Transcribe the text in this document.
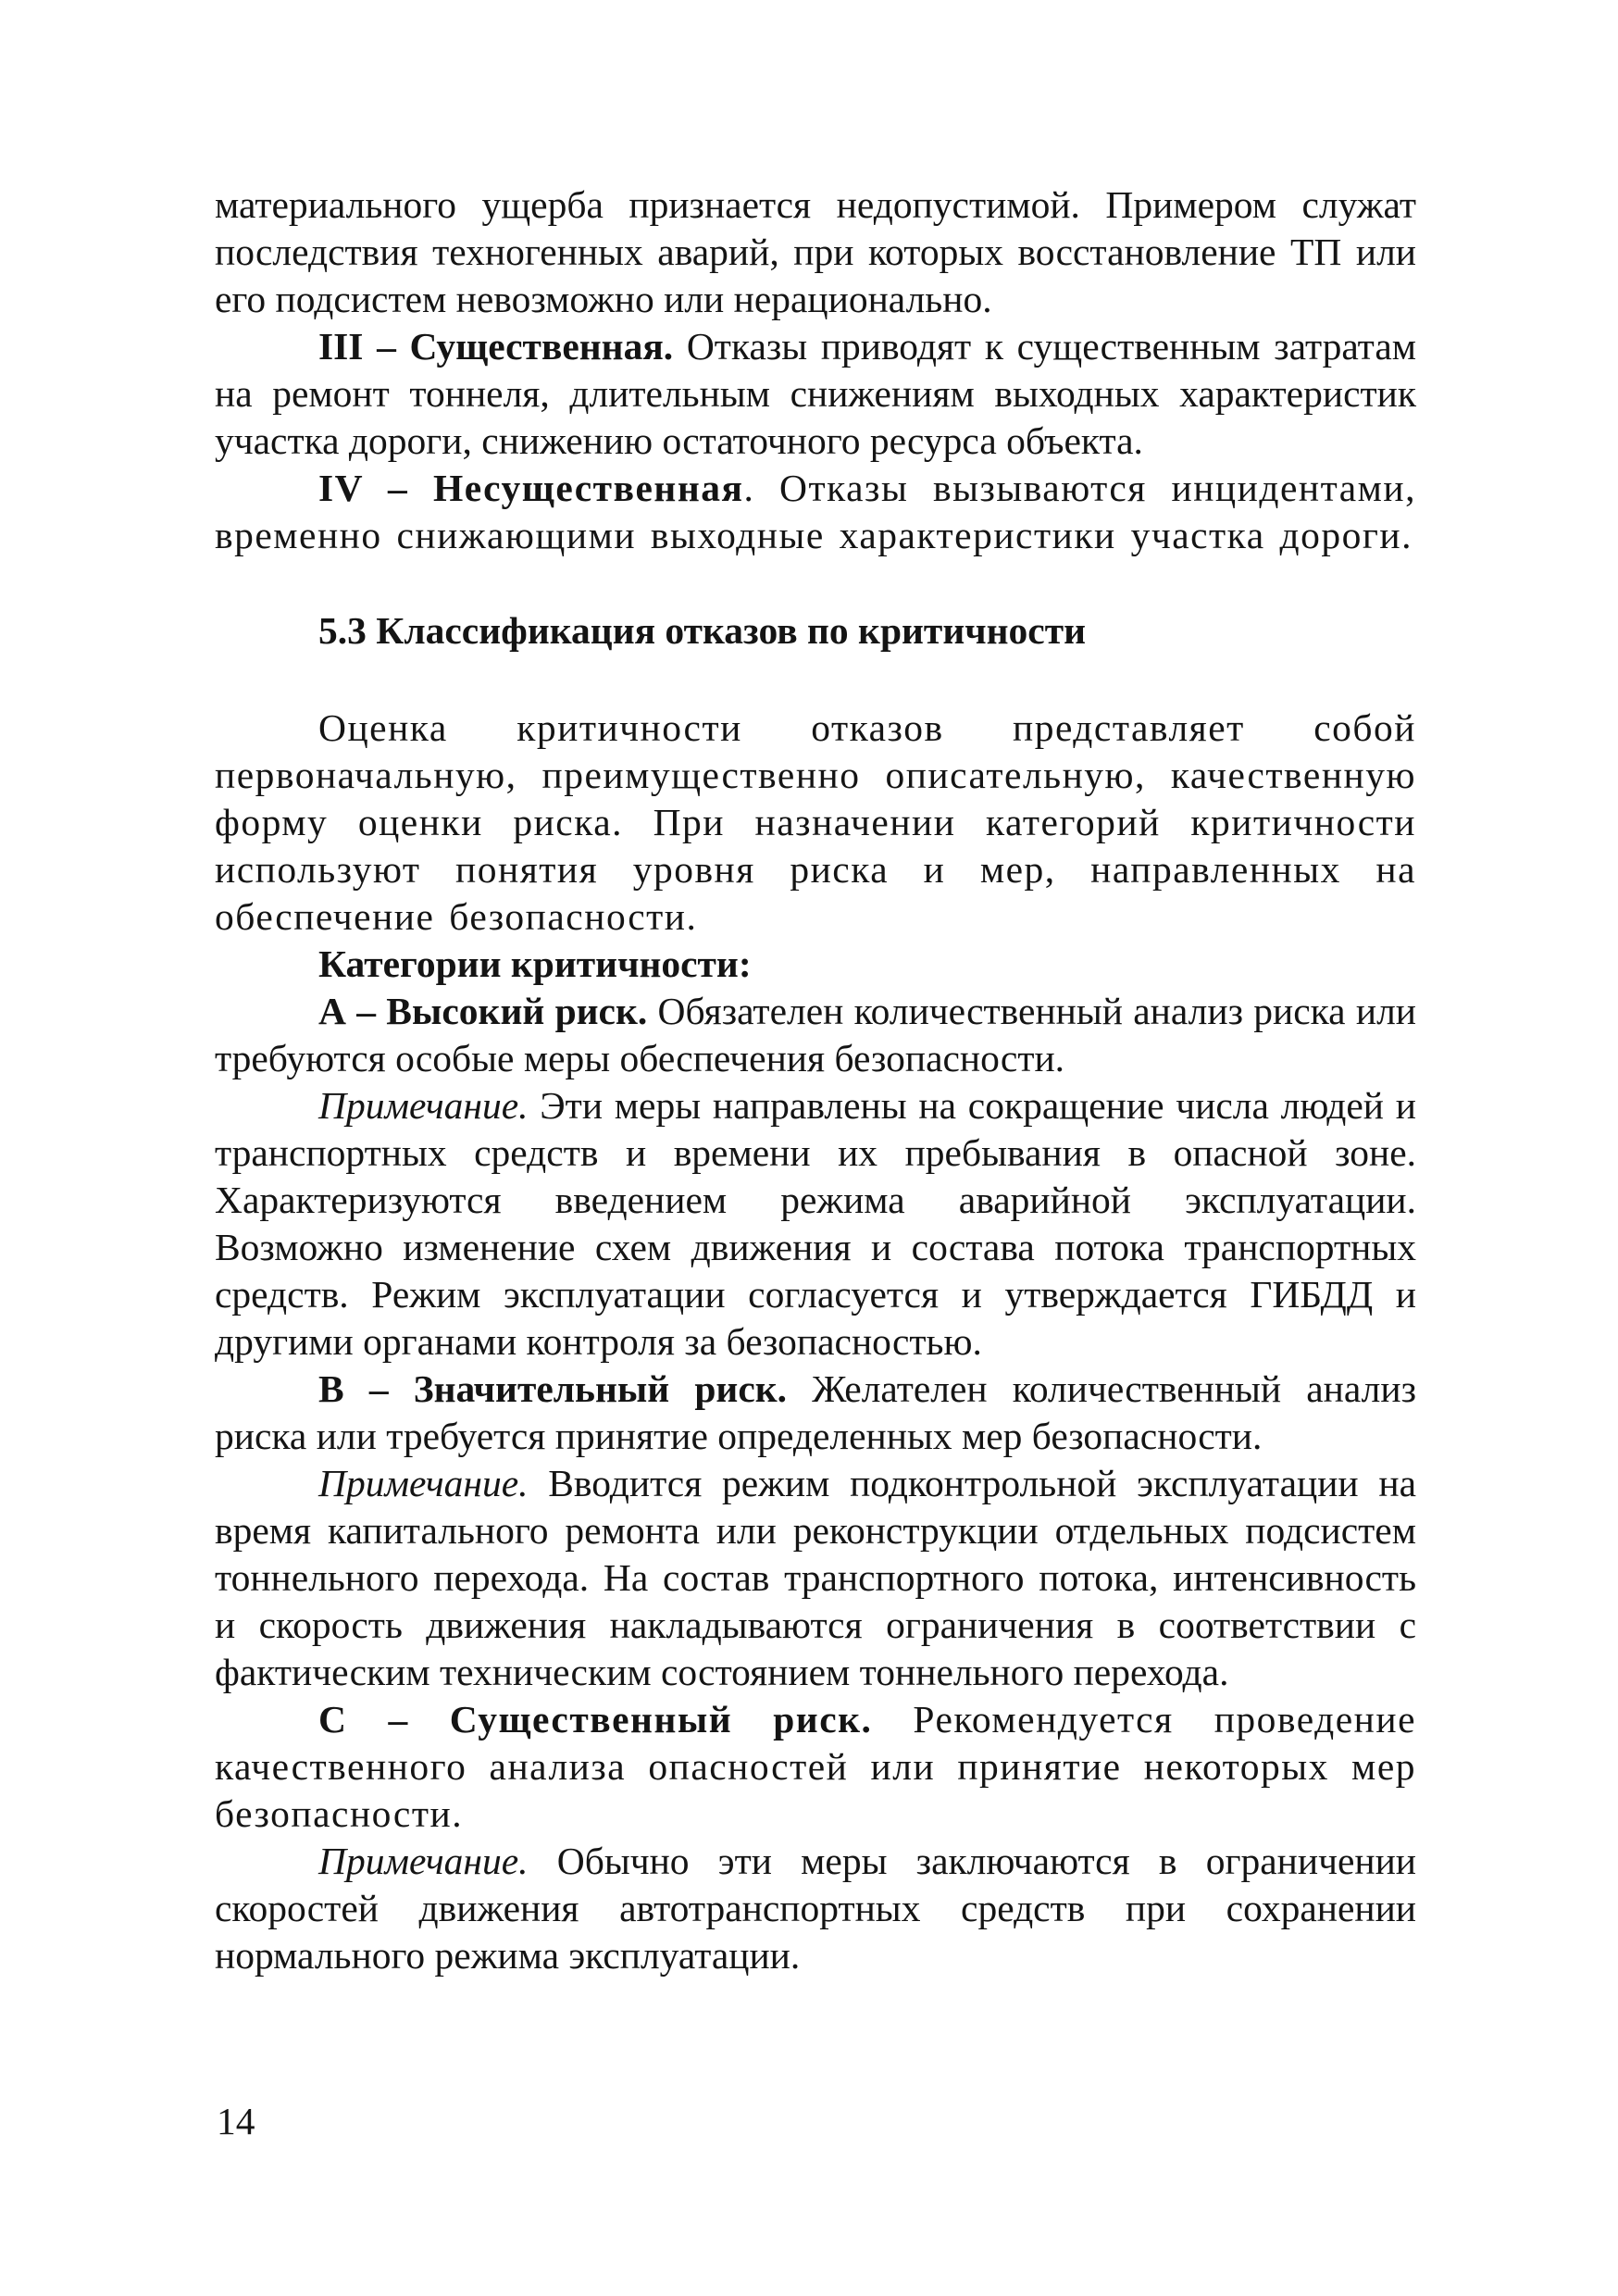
материального ущерба признается недопустимой. Примером служат последствия техногенных аварий, при которых восстановление ТП или его подсистем невозможно или нерационально.

III – Существенная. Отказы приводят к существенным затратам на ремонт тоннеля, длительным снижениям выходных характеристик участка дороги, снижению остаточного ресурса объекта.

IV – Несущественная. Отказы вызываются инцидентами, временно снижающими выходные характеристики участка дороги.

5.3 Классификация отказов по критичности

Оценка критичности отказов представляет собой первоначальную, преимущественно описательную, качественную форму оценки риска. При назначении категорий критичности используют понятия уровня риска и мер, направленных на обеспечение безопасности.

Категории критичности:

А – Высокий риск. Обязателен количественный анализ риска или требуются особые меры обеспечения безопасности.

Примечание. Эти меры направлены на сокращение числа людей и транспортных средств и времени их пребывания в опасной зоне. Характеризуются введением режима аварийной эксплуатации. Возможно изменение схем движения и состава потока транспортных средств. Режим эксплуатации согласуется и утверждается ГИБДД и другими органами контроля за безопасностью.

В – Значительный риск. Желателен количественный анализ риска или требуется принятие определенных мер безопасности.

Примечание. Вводится режим подконтрольной эксплуатации на время капитального ремонта или реконструкции отдельных подсистем тоннельного перехода. На состав транспортного потока, интенсивность и скорость движения накладываются ограничения в соответствии с фактическим техническим состоянием тоннельного перехода.

С – Существенный риск. Рекомендуется проведение качественного анализа опасностей или принятие некоторых мер безопасности.

Примечание. Обычно эти меры заключаются в ограничении скоростей движения автотранспортных средств при сохранении нормального режима эксплуатации.

14
